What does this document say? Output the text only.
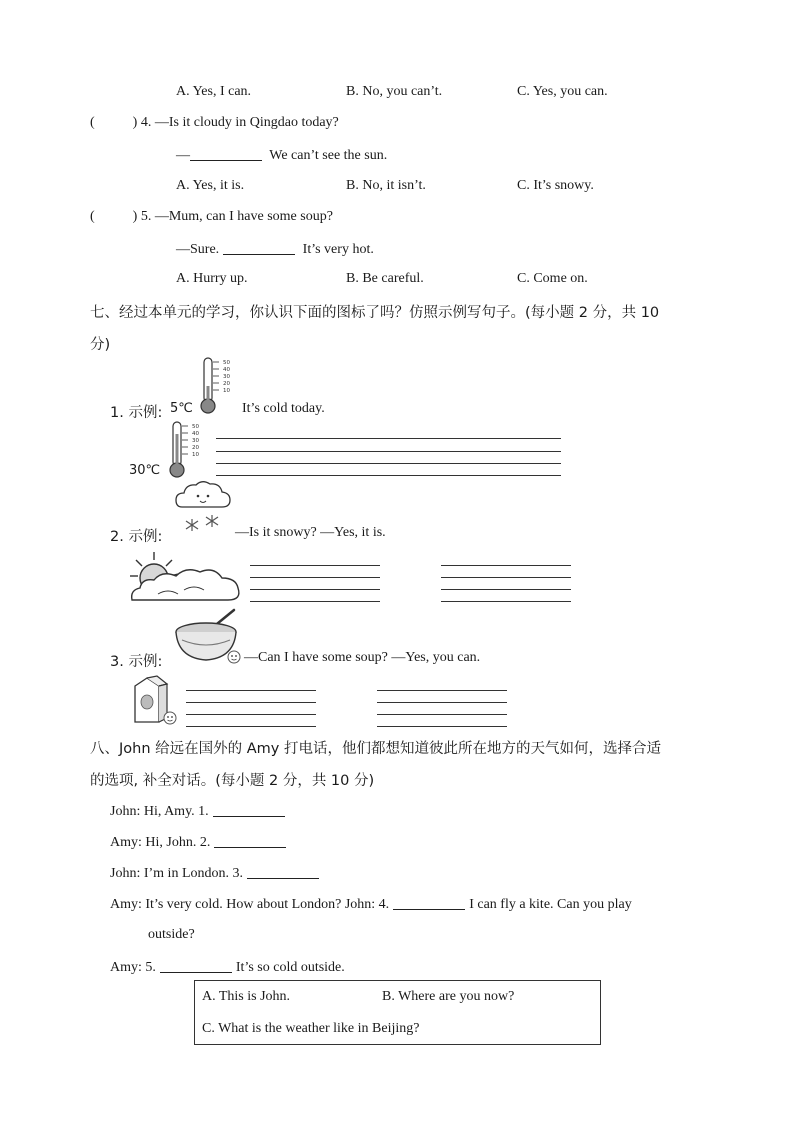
A. Yes, I can.	B. No, you can’t.	C. Yes, you can.
(	) 4. —Is it cloudy in Qingdao today?
—	We can’t see the sun.
A. Yes, it is.	B. No, it isn’t.	C. It’s snowy.
(	) 5. —Mum, can I have some soup?
—Sure.	It’s very hot.
A. Hurry up.	B. Be careful.	C. Come on.
七、经过本单元的学习，你认识下面的图标了吗？仿照示例写句子。(每小题 2 分，共 10
分)
1. 示例: 5℃
50
40
30
20
10
It’s cold today.
50
40
30
20
10
30℃
2. 示例:	—Is it snowy? —Yes, it is.
3. 示例:	—Can I have some soup? —Yes, you can.
八、John 给远在国外的 Amy 打电话，他们都想知道彼此所在地方的天气如何，选择合适
的选项, 补全对话。(每小题 2 分，共 10 分)
John: Hi, Amy. 1.
Amy: Hi, John. 2.
John: I’m in London. 3.
Amy: It’s very cold. How about London? John: 4.	I can fly a kite. Can you play
outside?
Amy: 5.	It’s so cold outside.
A. This is John.	B. Where are you now?
C. What is the weather like in Beijing?
